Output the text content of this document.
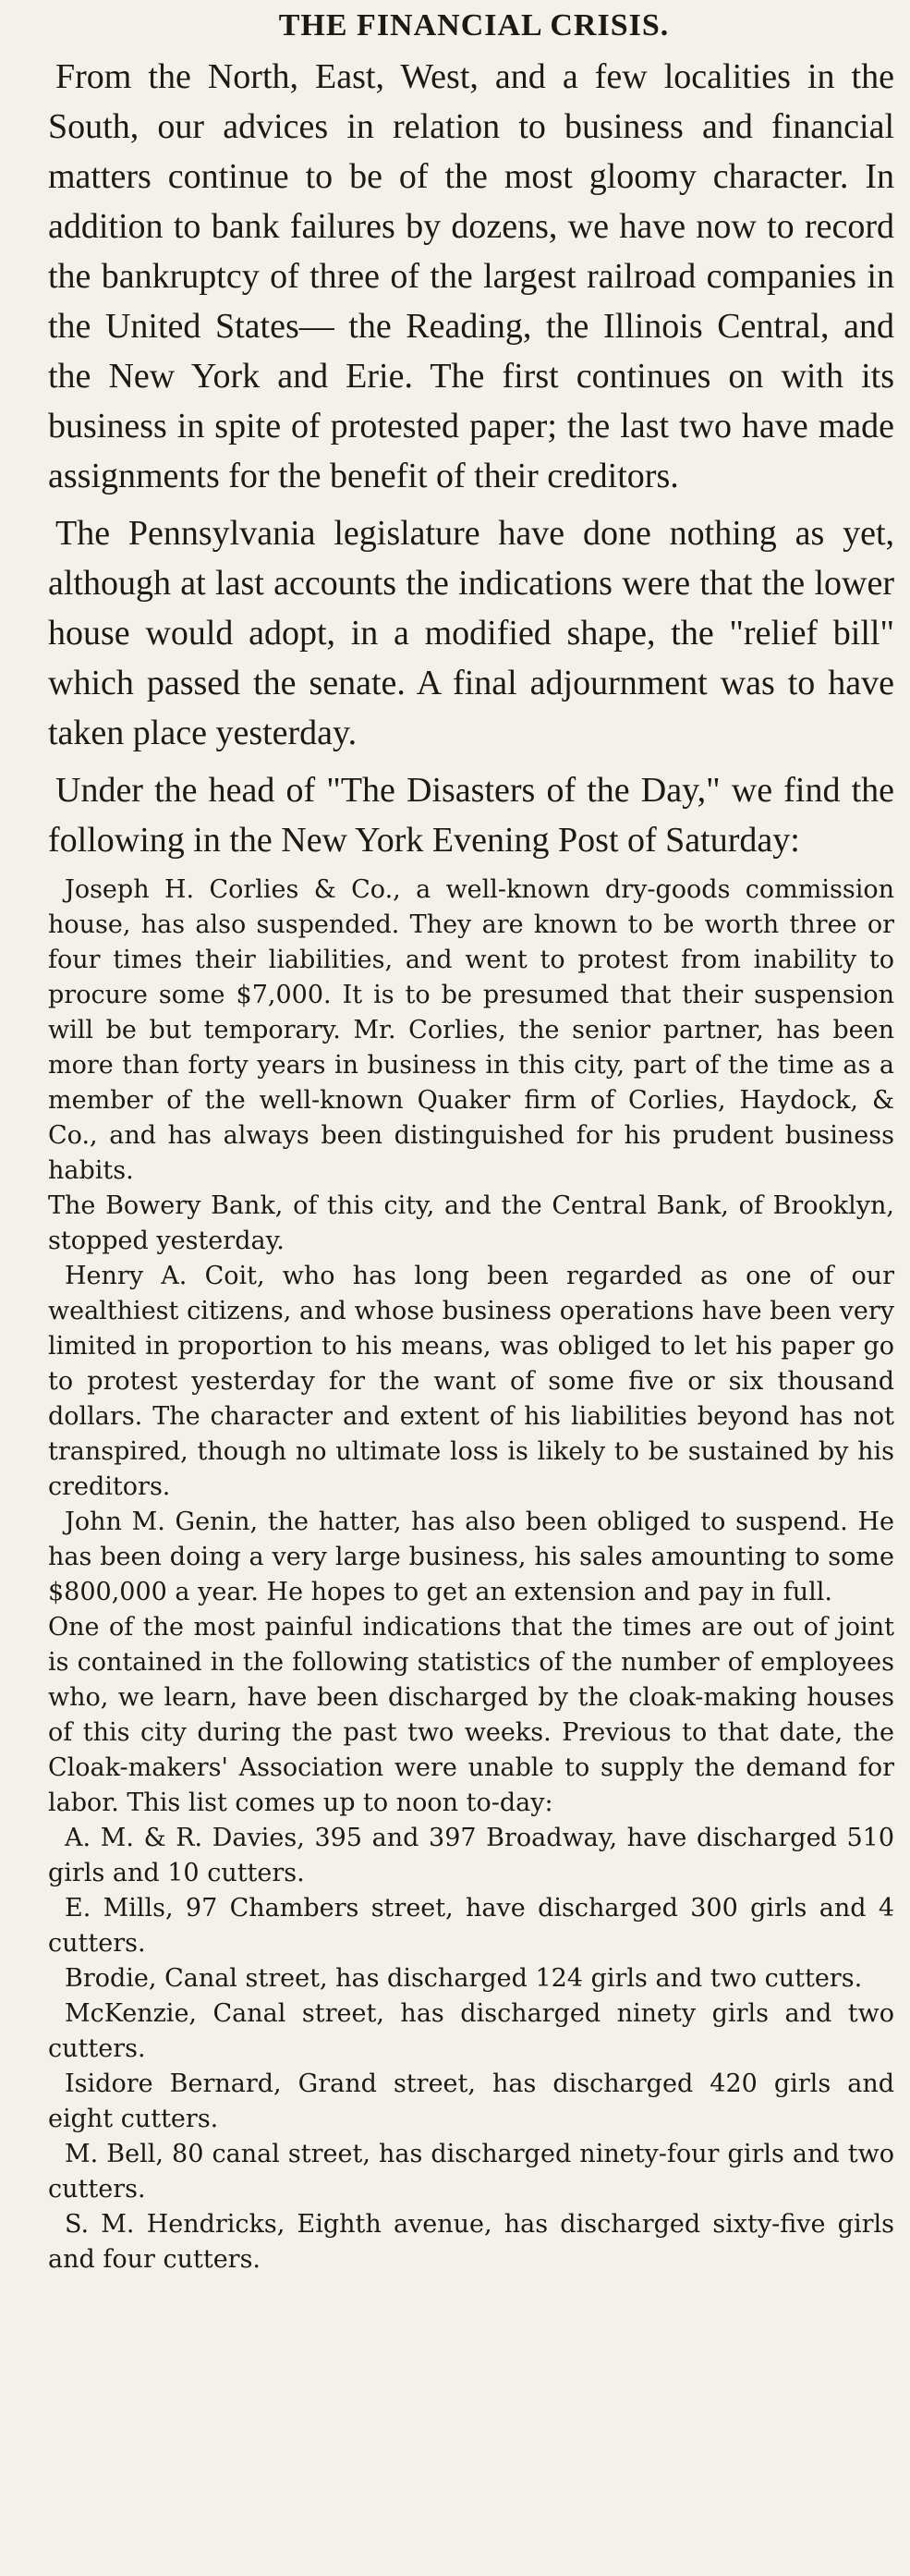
THE FINANCIAL CRISIS.

From the North, East, West, and a few localities in the South, our advices in relation to business and financial matters continue to be of the most gloomy character. In addition to bank failures by dozens, we have now to record the bankruptcy of three of the largest railroad companies in the United States— the Reading, the Illinois Central, and the New York and Erie. The first continues on with its business in spite of protested paper; the last two have made assignments for the benefit of their creditors.

The Pennsylvania legislature have done nothing as yet, although at last accounts the indications were that the lower house would adopt, in a modified shape, the "relief bill" which passed the senate. A final adjournment was to have taken place yesterday.

Under the head of "The Disasters of the Day," we find the following in the New York Evening Post of Saturday:

Joseph H. Corlies & Co., a well-known dry-goods commission house, has also suspended. They are known to be worth three or four times their liabilities, and went to protest from inability to procure some $7,000. It is to be presumed that their suspension will be but temporary. Mr. Corlies, the senior partner, has been more than forty years in business in this city, part of the time as a member of the well-known Quaker firm of Corlies, Haydock, & Co., and has always been distinguished for his prudent business habits.

The Bowery Bank, of this city, and the Central Bank, of Brooklyn, stopped yesterday.

Henry A. Coit, who has long been regarded as one of our wealthiest citizens, and whose business operations have been very limited in proportion to his means, was obliged to let his paper go to protest yesterday for the want of some five or six thousand dollars. The character and extent of his liabilities beyond has not transpired, though no ultimate loss is likely to be sustained by his creditors.

John M. Genin, the hatter, has also been obliged to suspend. He has been doing a very large business, his sales amounting to some $800,000 a year. He hopes to get an extension and pay in full.

One of the most painful indications that the times are out of joint is contained in the following statistics of the number of employees who, we learn, have been discharged by the cloak-making houses of this city during the past two weeks. Previous to that date, the Cloak-makers' Association were unable to supply the demand for labor. This list comes up to noon to-day:

A. M. & R. Davies, 395 and 397 Broadway, have discharged 510 girls and 10 cutters.

E. Mills, 97 Chambers street, have discharged 300 girls and 4 cutters.

Brodie, Canal street, has discharged 124 girls and two cutters.

McKenzie, Canal street, has discharged ninety girls and two cutters.

Isidore Bernard, Grand street, has discharged 420 girls and eight cutters.

M. Bell, 80 canal street, has discharged ninety-four girls and two cutters.

S. M. Hendricks, Eighth avenue, has discharged sixty-five girls and four cutters.
